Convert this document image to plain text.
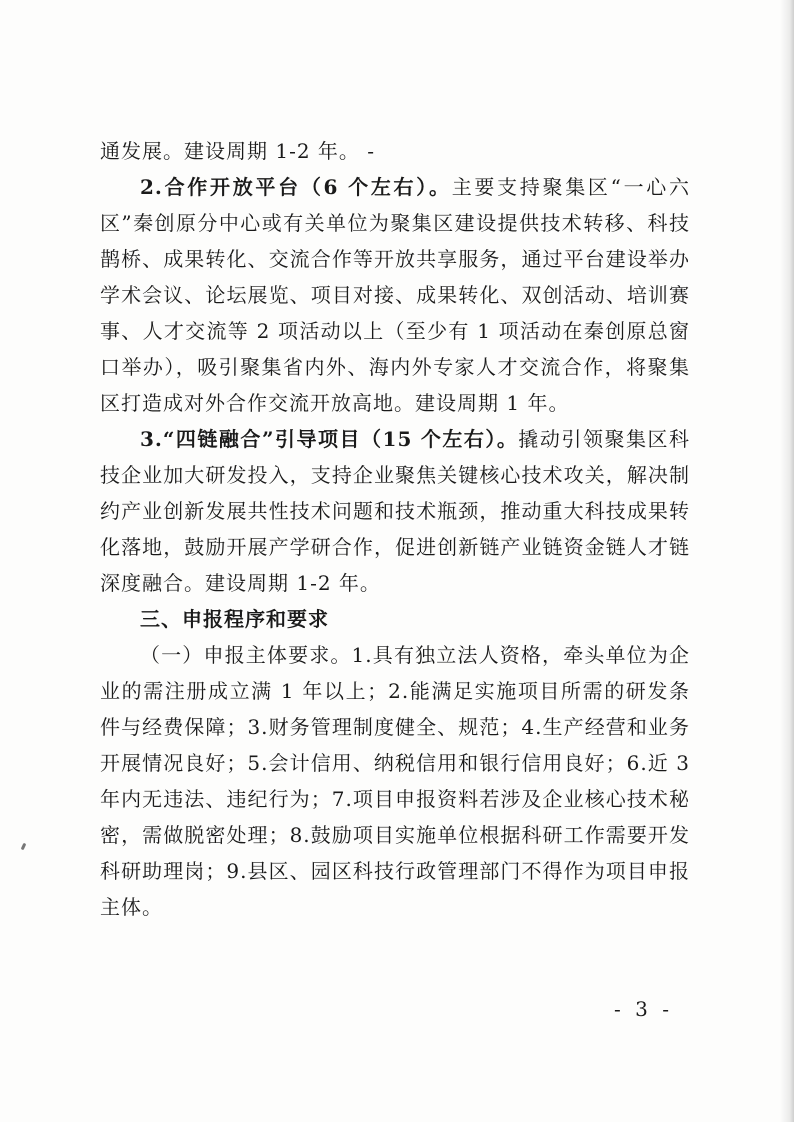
通发展。建设周期 1-2 年。 -

2.合作开放平台（6 个左右）。主要支持聚集区“一心六区”秦创原分中心或有关单位为聚集区建设提供技术转移、科技鹊桥、成果转化、交流合作等开放共享服务，通过平台建设举办学术会议、论坛展览、项目对接、成果转化、双创活动、培训赛事、人才交流等 2 项活动以上（至少有 1 项活动在秦创原总窗口举办），吸引聚集省内外、海内外专家人才交流合作，将聚集区打造成对外合作交流开放高地。建设周期 1 年。

3.“四链融合”引导项目（15 个左右）。撬动引领聚集区科技企业加大研发投入，支持企业聚焦关键核心技术攻关，解决制约产业创新发展共性技术问题和技术瓶颈，推动重大科技成果转化落地，鼓励开展产学研合作，促进创新链产业链资金链人才链深度融合。建设周期 1-2 年。

三、申报程序和要求

（一）申报主体要求。1.具有独立法人资格，牵头单位为企业的需注册成立满 1 年以上；2.能满足实施项目所需的研发条件与经费保障；3.财务管理制度健全、规范；4.生产经营和业务开展情况良好；5.会计信用、纳税信用和银行信用良好；6.近 3 年内无违法、违纪行为；7.项目申报资料若涉及企业核心技术秘密，需做脱密处理；8.鼓励项目实施单位根据科研工作需要开发科研助理岗；9.县区、园区科技行政管理部门不得作为项目申报主体。

- 3 -
